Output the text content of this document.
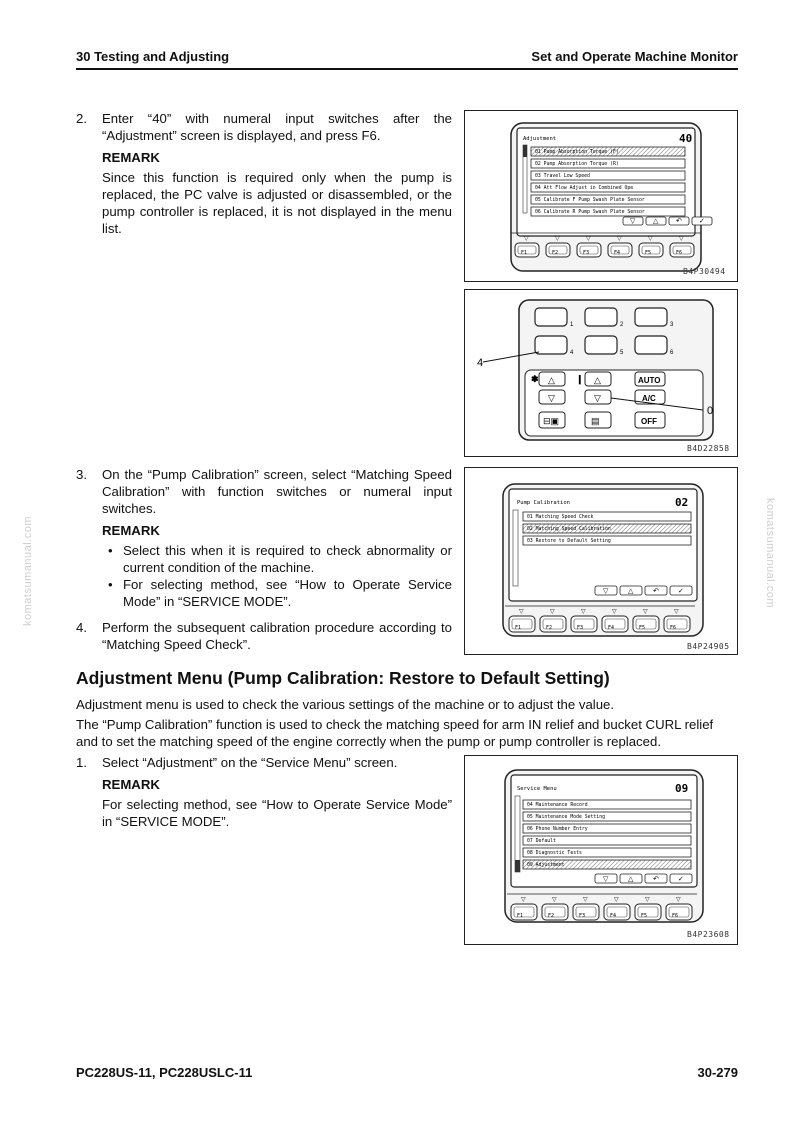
30 Testing and Adjusting	Set and Operate Machine Monitor
komatsumanual.com	komatsumanual.com
2. Enter “40” with numeral input switches after the “Adjustment” screen is displayed, and press F6.

REMARK

Since this function is required only when the pump is replaced, the PC valve is adjusted or disassembled, or the pump controller is replaced, it is not displayed in the menu list.

3. On the “Pump Calibration” screen, select “Matching Speed Calibration” with function switches or numeral input switches.

REMARK

• Select this when it is required to check abnormality or current condition of the machine.
• For selecting method, see “How to Operate Service Mode” in “SERVICE MODE”.
4. Perform the subsequent calibration procedure according to “Matching Speed Check”.

Adjustment Menu (Pump Calibration: Restore to Default Setting)

Adjustment menu is used to check the various settings of the machine or to adjust the value.

The “Pump Calibration” function is used to check the matching speed for arm IN relief and bucket CURL relief and to set the matching speed of the engine correctly when the pump or pump controller is replaced.

1. Select “Adjustment” on the “Service Menu” screen.

REMARK

For selecting method, see “How to Operate Service Mode” in “SERVICE MODE”.

Adjustment	40
01 Pump Absorption Torque (F)
02 Pump Absorption Torque (R)
03 Travel Low Speed
04 Att Flow Adjust in Combined Ope
05 Calibrate F Pump Swash Plate Sensor
06 Calibrate R Pump Swash Plate Sensor
▽	△	↶ ✓
▽
F1
▽
F2
▽
F3
▽
F4
▽
F5
▽
F6
B4P30494
1	2	3
4	5	6
✽ △
▽
⊟▣
❙ △
▽
▤
AUTO
A/C
OFF
4
0
B4D22858
Pump Calibration	02
01 Matching Speed Check
02 Matching Speed Calibration
03 Restore to Default Setting
▽	△	↶	✓
▽
F1
▽
F2
▽
F3
▽
F4
▽
F5
▽
F6
B4P24905
Service Menu	09
04 Maintenance Record
05 Maintenance Mode Setting
06 Phone Number Entry
07 Default
08 Diagnostic Tests
09 Adjustment
▽	△	↶	✓
▽
F1
▽
F2
▽
F3
▽
F4
▽
F5
▽
F6
B4P23608
PC228US-11, PC228USLC-11	30-279
